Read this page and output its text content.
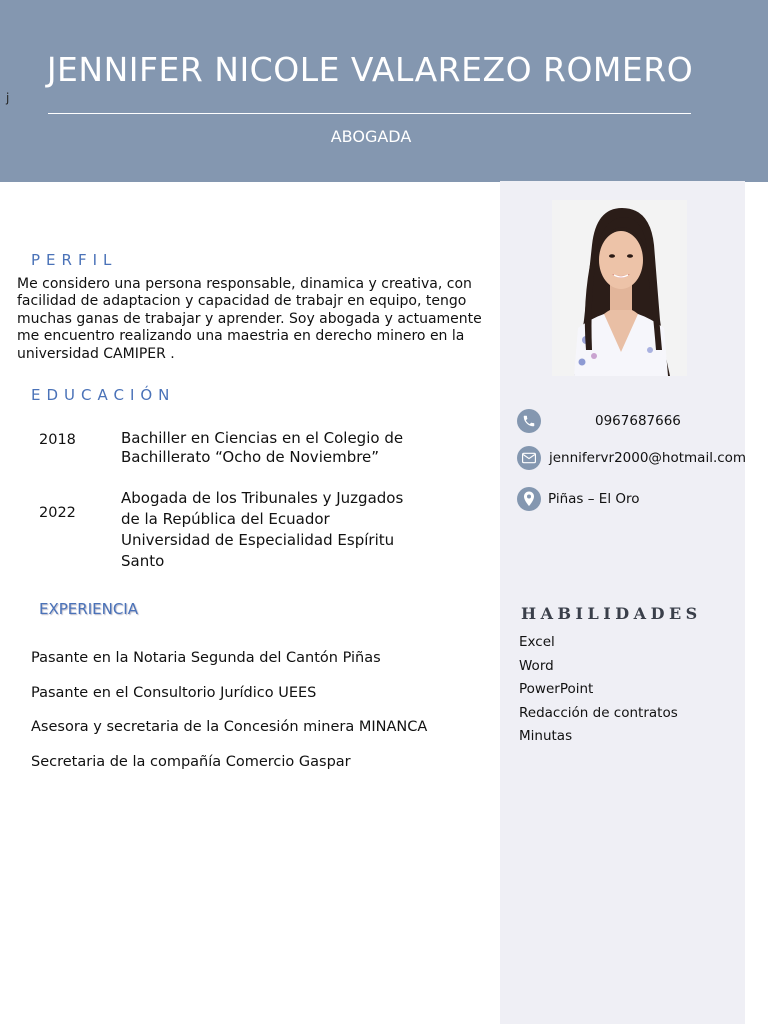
j
JENNIFER NICOLE VALAREZO ROMERO
ABOGADA
PERFIL
Me considero una persona responsable, dinamica y creativa, con facilidad de adaptacion y capacidad de trabajr en equipo, tengo muchas ganas de trabajar y aprender. Soy abogada y actuamente me encuentro realizando una maestria en derecho minero en la universidad CAMIPER .
EDUCACIÓN
2018	Bachiller en Ciencias en el Colegio de Bachillerato “Ocho de Noviembre”
2022
Abogada de los Tribunales y Juzgados de la República del Ecuador Universidad de Especialidad Espíritu Santo
EXPERIENCIA
Pasante en la Notaria Segunda del Cantón Piñas
Pasante en el Consultorio Jurídico UEES
Asesora y secretaria de la Concesión minera MINANCA
Secretaria de la compañía Comercio Gaspar
0967687666
jennifervr2000@hotmail.com
Piñas – El Oro
HABILIDADES
Excel
Word
PowerPoint
Redacción de contratos
Minutas
